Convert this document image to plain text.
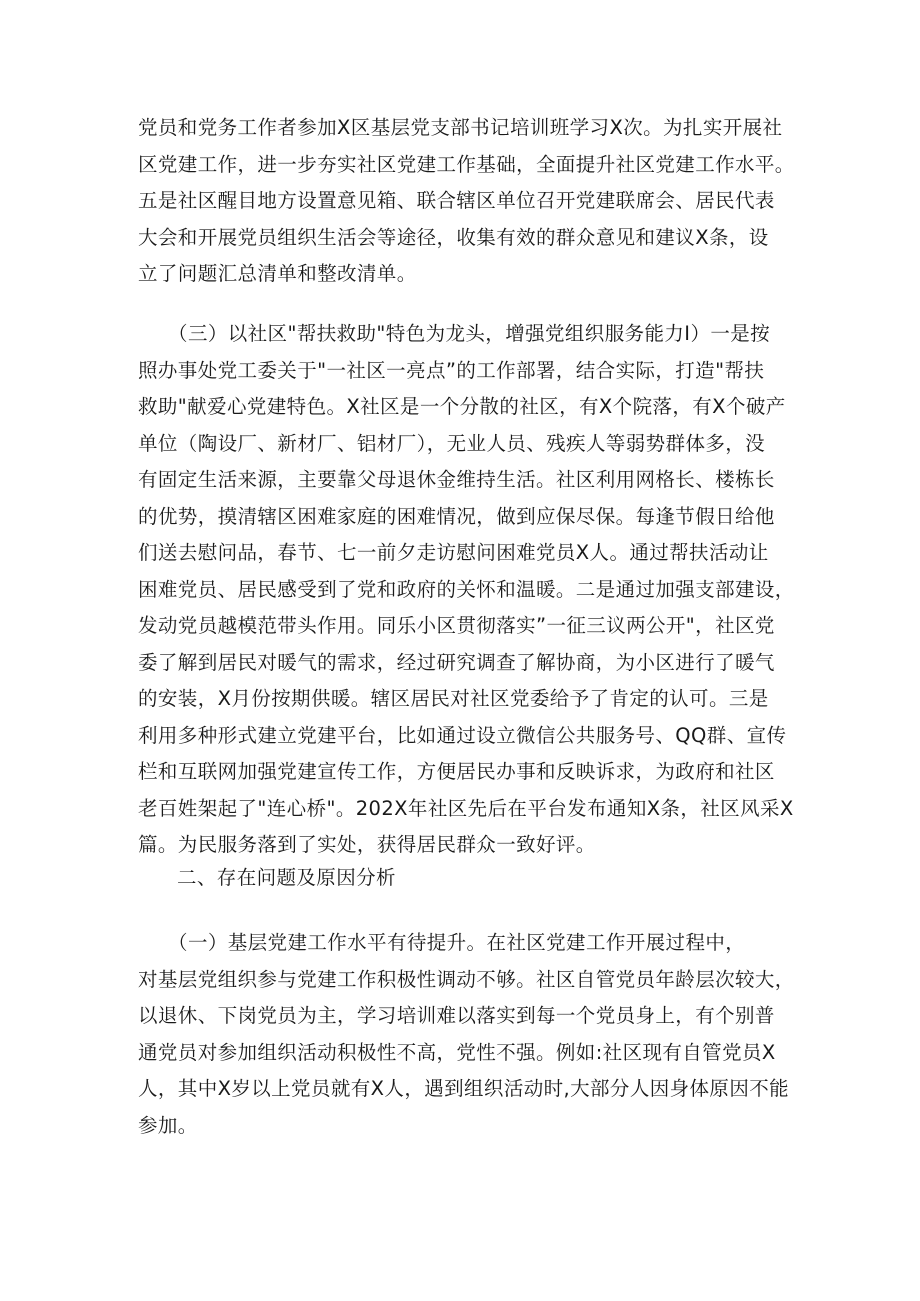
党员和党务工作者参加X区基层党支部书记培训班学习X次。为扎实开展社
区党建工作，进一步夯实社区党建工作基础，全面提升社区党建工作水平。
五是社区醒目地方设置意见箱、联合辖区单位召开党建联席会、居民代表
大会和开展党员组织生活会等途径，收集有效的群众意见和建议X条，设
立了问题汇总清单和整改清单。
　　（三）以社区"帮扶救助"特色为龙头，增强党组织服务能力I）一是按
照办事处党工委关于"一社区一亮点”的工作部署，结合实际，打造"帮扶
救助"献爱心党建特色。X社区是一个分散的社区，有X个院落，有X个破产
单位（陶设厂、新材厂、铝材厂），无业人员、残疾人等弱势群体多，没
有固定生活来源，主要靠父母退休金维持生活。社区利用网格长、楼栋长
的优势，摸清辖区困难家庭的困难情况，做到应保尽保。每逢节假日给他
们送去慰问品，春节、七一前夕走访慰问困难党员X人。通过帮扶活动让
困难党员、居民感受到了党和政府的关怀和温暖。二是通过加强支部建设，
发动党员越模范带头作用。同乐小区贯彻落实”一征三议两公开"，社区党
委了解到居民对暖气的需求，经过研究调查了解协商，为小区进行了暖气
的安装，X月份按期供暖。辖区居民对社区党委给予了肯定的认可。三是
利用多种形式建立党建平台，比如通过设立微信公共服务号、QQ群、宣传
栏和互联网加强党建宣传工作，方便居民办事和反映诉求，为政府和社区
老百姓架起了"连心桥"。202X年社区先后在平台发布通知X条，社区风采X
篇。为民服务落到了实处，获得居民群众一致好评。
二、存在问题及原因分析
　　（一）基层党建工作水平有待提升。在社区党建工作开展过程中，
对基层党组织参与党建工作积极性调动不够。社区自管党员年龄层次较大，
以退休、下岗党员为主，学习培训难以落实到每一个党员身上，有个别普
通党员对参加组织活动积极性不高，党性不强。例如:社区现有自管党员X
人，其中X岁以上党员就有X人，遇到组织活动时,大部分人因身体原因不能
参加。
